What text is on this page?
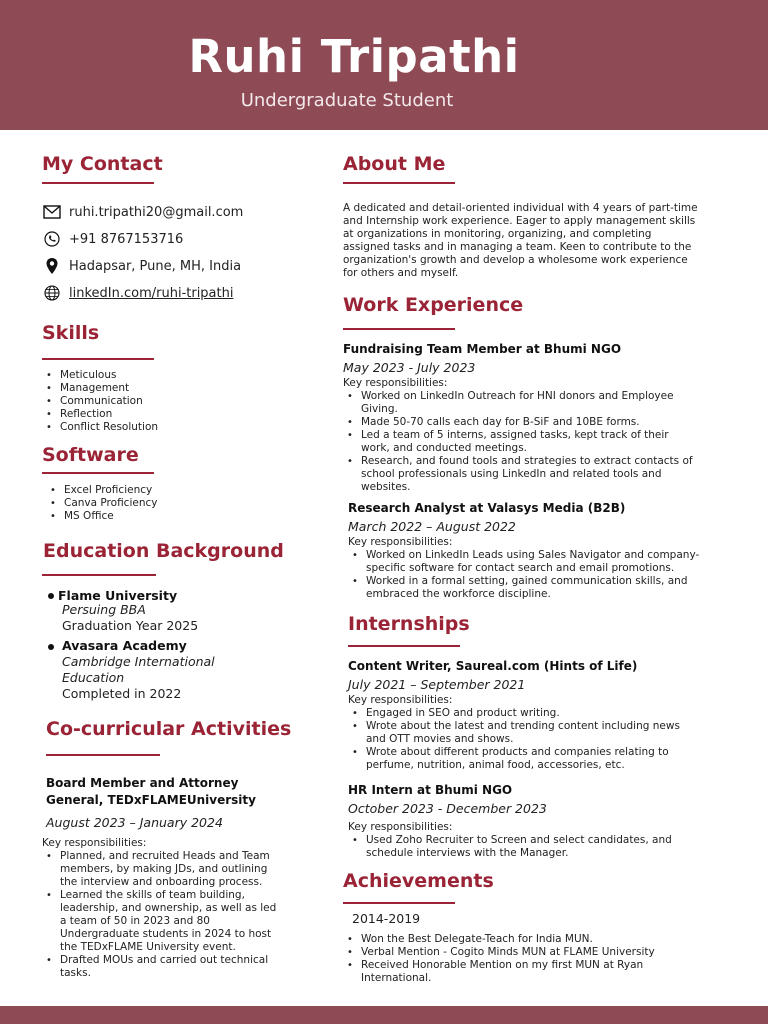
Ruhi Tripathi
Undergraduate Student
My Contact
ruhi.tripathi20@gmail.com
+91 8767153716
Hadapsar, Pune, MH, India
linkedIn.com/ruhi-tripathi
Skills
• Meticulous
• Management
• Communication
• Reflection
• Conflict Resolution
Software
• Excel Proficiency
• Canva Proficiency
• MS Office
Education Background
Flame University
Persuing BBA
Graduation Year 2025
Avasara Academy
Cambridge International
Education
Completed in 2022
Co-curricular Activities
Board Member and Attorney
General, TEDxFLAMEUniversity
August 2023 – January 2024
Key responsibilities:
• Planned, and recruited Heads and Team members, by making JDs, and outlining the interview and onboarding process.
• Learned the skills of team building, leadership, and ownership, as well as led a team of 50 in 2023 and 80 Undergraduate students in 2024 to host the TEDxFLAME University event.
• Drafted MOUs and carried out technical tasks.
About Me
A dedicated and detail-oriented individual with 4 years of part-time and Internship work experience. Eager to apply management skills at organizations in monitoring, organizing, and completing assigned tasks and in managing a team. Keen to contribute to the organization's growth and develop a wholesome work experience for others and myself.
Work Experience
Fundraising Team Member at Bhumi NGO
May 2023 - July 2023
Key responsibilities:
• Worked on LinkedIn Outreach for HNI donors and Employee Giving.
• Made 50-70 calls each day for B-SiF and 10BE forms.
• Led a team of 5 interns, assigned tasks, kept track of their work, and conducted meetings.
• Research, and found tools and strategies to extract contacts of school professionals using LinkedIn and related tools and websites.
Research Analyst at Valasys Media (B2B)
March 2022 – August 2022
Key responsibilities:
• Worked on LinkedIn Leads using Sales Navigator and company-specific software for contact search and email promotions.
• Worked in a formal setting, gained communication skills, and embraced the workforce discipline.
Internships
Content Writer, Saureal.com (Hints of Life)
July 2021 – September 2021
Key responsibilities:
• Engaged in SEO and product writing.
• Wrote about the latest and trending content including news and OTT movies and shows.
• Wrote about different products and companies relating to perfume, nutrition, animal food, accessories, etc.
HR Intern at Bhumi NGO
October 2023 - December 2023
Key responsibilities:
• Used Zoho Recruiter to Screen and select candidates, and schedule interviews with the Manager.
Achievements
2014-2019
• Won the Best Delegate-Teach for India MUN.
• Verbal Mention - Cogito Minds MUN at FLAME University
• Received Honorable Mention on my first MUN at Ryan International.
